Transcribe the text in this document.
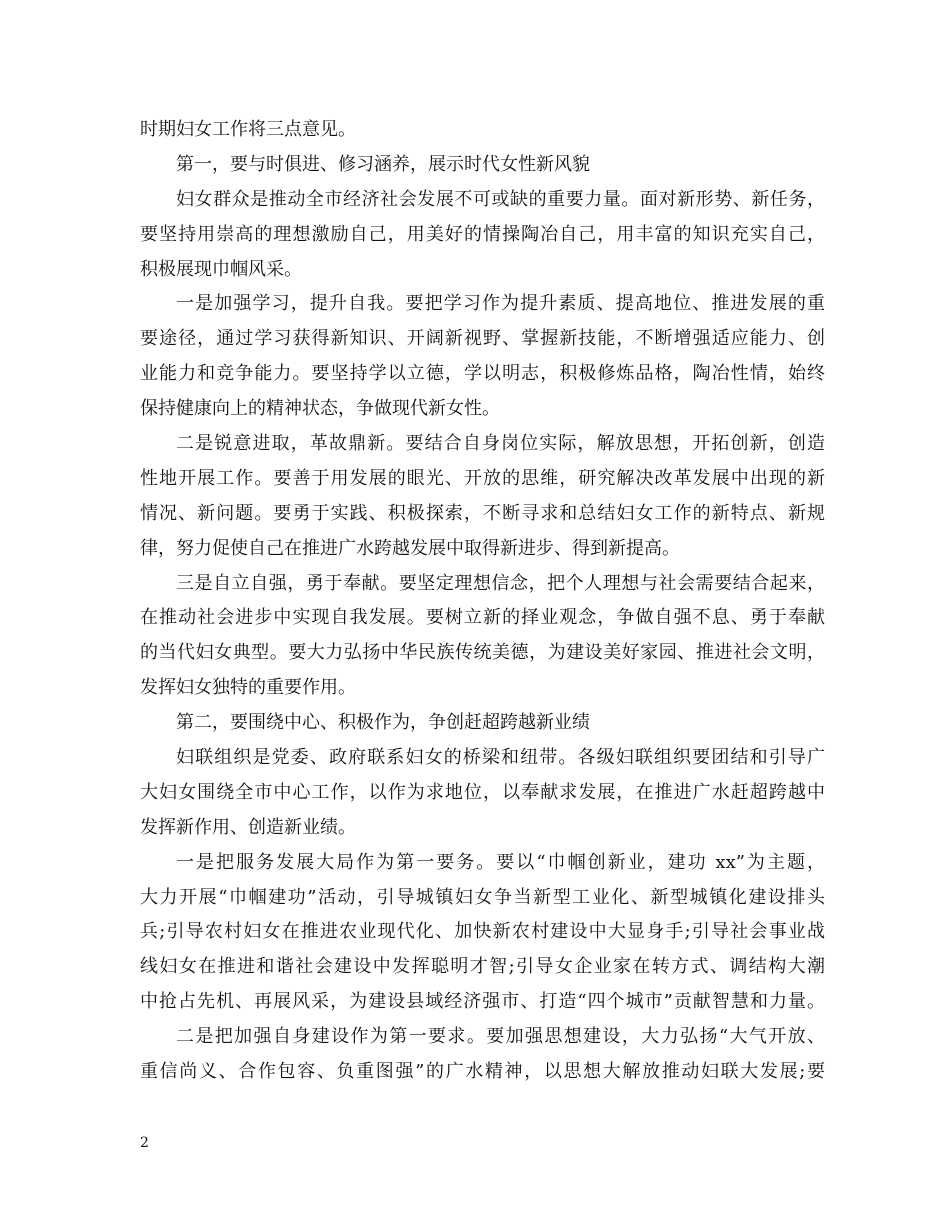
时期妇女工作将三点意见。
第一，要与时俱进、修习涵养，展示时代女性新风貌
妇女群众是推动全市经济社会发展不可或缺的重要力量。面对新形势、新任务，
要坚持用崇高的理想激励自己，用美好的情操陶冶自己，用丰富的知识充实自己，
积极展现巾帼风采。
一是加强学习，提升自我。要把学习作为提升素质、提高地位、推进发展的重
要途径，通过学习获得新知识、开阔新视野、掌握新技能，不断增强适应能力、创
业能力和竞争能力。要坚持学以立德，学以明志，积极修炼品格，陶冶性情，始终
保持健康向上的精神状态，争做现代新女性。
二是锐意进取，革故鼎新。要结合自身岗位实际，解放思想，开拓创新，创造
性地开展工作。要善于用发展的眼光、开放的思维，研究解决改革发展中出现的新
情况、新问题。要勇于实践、积极探索，不断寻求和总结妇女工作的新特点、新规
律，努力促使自己在推进广水跨越发展中取得新进步、得到新提高。
三是自立自强，勇于奉献。要坚定理想信念，把个人理想与社会需要结合起来，
在推动社会进步中实现自我发展。要树立新的择业观念，争做自强不息、勇于奉献
的当代妇女典型。要大力弘扬中华民族传统美德，为建设美好家园、推进社会文明，
发挥妇女独特的重要作用。
第二，要围绕中心、积极作为，争创赶超跨越新业绩
妇联组织是党委、政府联系妇女的桥梁和纽带。各级妇联组织要团结和引导广
大妇女围绕全市中心工作，以作为求地位，以奉献求发展，在推进广水赶超跨越中
发挥新作用、创造新业绩。
一是把服务发展大局作为第一要务。要以“巾帼创新业，建功 xx”为主题，
大力开展“巾帼建功”活动，引导城镇妇女争当新型工业化、新型城镇化建设排头
兵;引导农村妇女在推进农业现代化、加快新农村建设中大显身手;引导社会事业战
线妇女在推进和谐社会建设中发挥聪明才智;引导女企业家在转方式、调结构大潮
中抢占先机、再展风采，为建设县域经济强市、打造“四个城市”贡献智慧和力量。
二是把加强自身建设作为第一要求。要加强思想建设，大力弘扬“大气开放、
重信尚义、合作包容、负重图强”的广水精神，以思想大解放推动妇联大发展;要
2
